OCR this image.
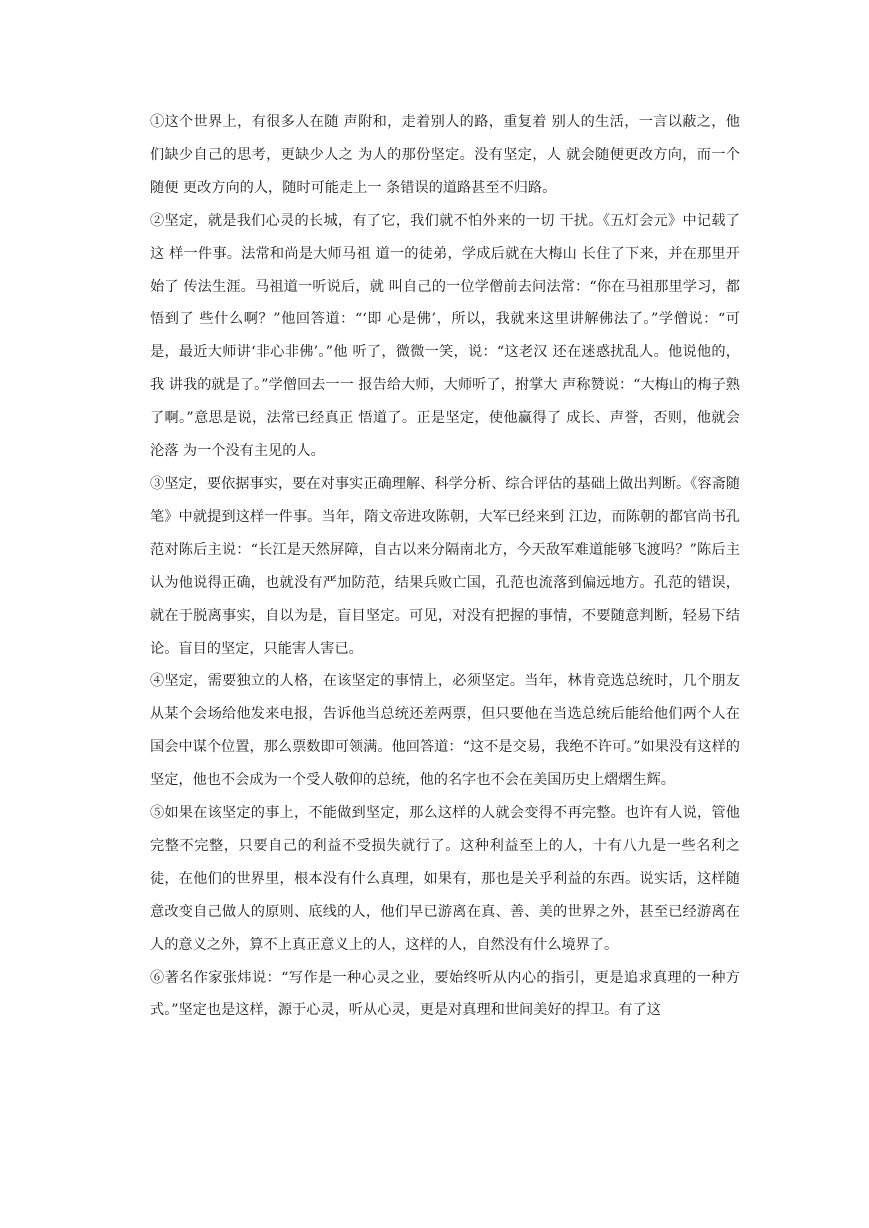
①这个世界上，有很多人在随 声附和，走着别人的路，重复着 别人的生活，一言以蔽之，他 们缺少自己的思考，更缺少人之 为人的那份坚定。没有坚定，人 就会随便更改方向，而一个随便 更改方向的人，随时可能走上一 条错误的道路甚至不归路。

②坚定，就是我们心灵的长城，有了它，我们就不怕外来的一切 干扰。《五灯会元》中记载了这 样一件事。法常和尚是大师马祖 道一的徒弟，学成后就在大梅山 长住了下来，并在那里开始了 传法生涯。马祖道一听说后，就 叫自己的一位学僧前去问法常：“你在马祖那里学习，都悟到了 些什么啊？”他回答道：“‘即 心是佛’，所以，我就来这里讲解佛法了。”学僧说：“可是，最近大师讲‘非心非佛’。”他 听了，微微一笑，说：“这老汉 还在迷惑扰乱人。他说他的，我 讲我的就是了。”学僧回去一一 报告给大师，大师听了，拊掌大 声称赞说：“大梅山的梅子熟了啊。”意思是说，法常已经真正 悟道了。正是坚定，使他赢得了 成长、声誉，否则，他就会沦落 为一个没有主见的人。

③坚定，要依据事实，要在对事实正确理解、科学分析、综合评估的基础上做出判断。《容斋随笔》中就提到这样一件事。当年，隋文帝进攻陈朝，大军已经来到 江边，而陈朝的都官尚书孔范对陈后主说：“长江是天然屏障，自古以来分隔南北方，今天敌军难道能够飞渡吗？”陈后主认为他说得正确，也就没有严加防范，结果兵败亡国，孔范也流落到偏远地方。孔范的错误，就在于脱离事实，自以为是，盲目坚定。可见，对没有把握的事情，不要随意判断，轻易下结论。盲目的坚定，只能害人害已。

④坚定，需要独立的人格，在该坚定的事情上，必须坚定。当年，林肯竞选总统时，几个朋友从某个会场给他发来电报，告诉他当总统还差两票，但只要他在当选总统后能给他们两个人在国会中谋个位置，那么票数即可领满。他回答道：“这不是交易，我绝不许可。”如果没有这样的坚定，他也不会成为一个受人敬仰的总统，他的名字也不会在美国历史上熠熠生辉。

⑤如果在该坚定的事上，不能做到坚定，那么这样的人就会变得不再完整。也许有人说，管他完整不完整，只要自己的利益不受损失就行了。这种利益至上的人，十有八九是一些名利之徒，在他们的世界里，根本没有什么真理，如果有，那也是关乎利益的东西。说实话，这样随意改变自己做人的原则、底线的人，他们早已游离在真、善、美的世界之外，甚至已经游离在人的意义之外，算不上真正意义上的人，这样的人，自然没有什么境界了。

⑥著名作家张炜说：“写作是一种心灵之业，要始终听从内心的指引，更是追求真理的一种方式。”坚定也是这样，源于心灵，听从心灵，更是对真理和世间美好的捍卫。有了这
